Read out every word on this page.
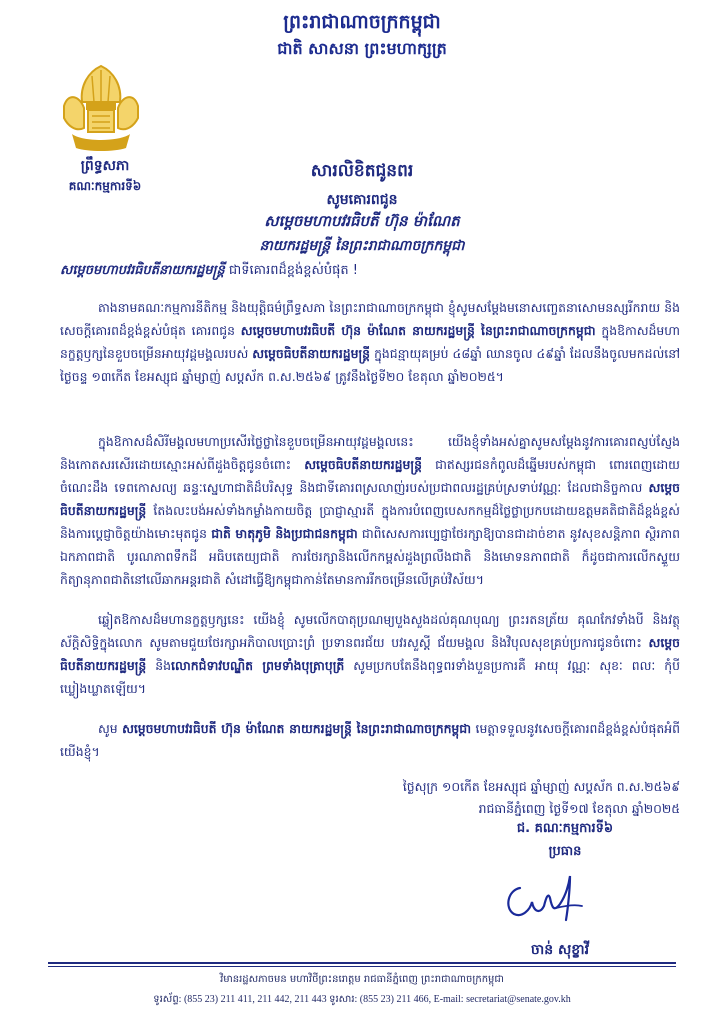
ព្រះរាជាណាចក្រកម្ពុជា
ជាតិ សាសនា ព្រះមហាក្សត្រ
ព្រឹទ្ធសភា
គណៈកម្មការទី៦
សារលិខិតជូនពរ
សូមគោរពជូន
សម្តេចមហាបវរធិបតី ហ៊ុន ម៉ាណែត
នាយករដ្ឋមន្ត្រី នៃព្រះរាជាណាចក្រកម្ពុជា
សម្តេចមហាបវរធិបតីនាយករដ្ឋមន្ត្រី ជាទីគោរពដ៏ខ្ពង់ខ្ពស់បំផុត !
តាងនាមគណៈកម្មការនីតិកម្ម និងយុត្តិធម៌ព្រឹទ្ធសភា នៃព្រះរាជាណាចក្រកម្ពុជា ខ្ញុំសូមសម្តែងមនោសញ្ចេតនាសោមនស្សរីករាយ និងសេចក្តីគោរពដ៏ខ្ពង់ខ្ពស់បំផុត គោរពជូន សម្តេចមហាបវរធិបតី ហ៊ុន ម៉ាណែត នាយករដ្ឋមន្ត្រី នៃព្រះរាជាណាចក្រកម្ពុជា ក្នុងឱកាសដ៏មហានក្ខត្តឫក្សនៃខួបចម្រើនអាយុវដ្តមង្គលរបស់ សម្តេចធិបតីនាយករដ្ឋមន្ត្រី ក្នុងជន្មាយុគម្រប់ ៤៨ឆ្នាំ ឈានចូល ៤៩ឆ្នាំ ដែលនឹងចូលមកដល់នៅថ្ងៃចន្ទ ១៣កើត ខែអស្សុជ ឆ្នាំម្សាញ់ សប្តស័ក ព.ស.២៥៦៩ ត្រូវនឹងថ្ងៃទី២០ ខែតុលា ឆ្នាំ២០២៥។
ក្នុងឱកាសដ៏សិរីមង្គលមហាប្រសើរថ្លៃថ្លានៃខួបចម្រើនអាយុវដ្តមង្គលនេះ យើងខ្ញុំទាំងអស់គ្នាសូមសម្តែងនូវការគោរពស្ញប់ស្ញែង និងកោតសរសើរដោយស្មោះអស់ពីដួងចិត្តជូនចំពោះ សម្តេចធិបតីនាយករដ្ឋមន្ត្រី ជាឥស្សរជនកំពូលដ៏ឆ្នើមរបស់កម្ពុជា ពោរពេញដោយចំណេះដឹង ទេពកោសល្យ ឆន្ទៈស្នេហាជាតិដ៏បរិសុទ្ធ និងជាទីគោរពស្រលាញ់របស់ប្រជាពលរដ្ឋគ្រប់ស្រទាប់វណ្ណៈ ដែលជានិច្ចកាល សម្តេចធិបតីនាយករដ្ឋមន្ត្រី តែងលះបង់អស់ទាំងកម្លាំងកាយចិត្ត ប្រាជ្ញាស្មារតី ក្នុងការបំពេញបេសកកម្មដ៏ថ្លៃថ្លាប្រកបដោយឧត្តមគតិជាតិដ៏ខ្ពង់ខ្ពស់ និងការប្តេជ្ញាចិត្តយ៉ាងមោះមុតជូន ជាតិ មាតុភូមិ និងប្រជាជនកម្ពុជា ជាពិសេសការប្បេជ្ញាថែរក្សាឱ្យបានជាដាច់ខាត នូវសុខសន្តិភាព ស្ថិរភាព ឯកភាពជាតិ បូរណភាពទឹកដី អធិបតេយ្យជាតិ ការថែរក្សានិងលើកកម្ពស់ដួងព្រលឹងជាតិ និងមោទនភាពជាតិ ក៏ដូចជាការលើកស្ទួយកិត្យានុភាពជាតិនៅលើឆាកអន្តរជាតិ សំដៅធ្វើឱ្យកម្ពុជាកាន់តែមានការរីកចម្រើនលើគ្រប់វិស័យ។
ឆ្លៀតឱកាសដ៏មហានក្ខត្តឫក្សនេះ យើងខ្ញុំ សូមលើកបាតុប្រណម្យបួងសួងដល់គុណបុណ្យ ព្រះរតនត្រ័យ គុណកែវទាំងបី និងវត្ថុស័ក្តិសិទ្ធិក្នុងលោក សូមតាមជួយថែរក្សាអភិបាលប្រោះព្រំ ប្រទានពរជ័យ បវរសួស្តី ជ័យមង្គល និងវិបុលសុខគ្រប់ប្រការជូនចំពោះ សម្តេចធិបតីនាយករដ្ឋមន្ត្រី និងលោកជំទាវបណ្ឌិត ព្រមទាំងបុត្រាបុត្រី សូមប្រកបតែនឹងពុទ្ធពរទាំងបួនប្រការគឺ អាយុ វណ្ណៈ សុខៈ ពលៈ កុំបីឃ្លៀងឃ្លាតឡើយ។
សូម សម្តេចមហាបវរធិបតី ហ៊ុន ម៉ាណែត នាយករដ្ឋមន្ត្រី នៃព្រះរាជាណាចក្រកម្ពុជា មេត្តាទទួលនូវសេចក្តីគោរពដ៏ខ្ពង់ខ្ពស់បំផុតអំពីយើងខ្ញុំ។
ថ្ងៃសុក្រ ១០កើត ខែអស្សុជ ឆ្នាំម្សាញ់ សប្តស័ក ព.ស.២៥៦៩
រាជធានីភ្នំពេញ ថ្ងៃទី១៧ ខែតុលា ឆ្នាំ២០២៥
ជ. គណៈកម្មការទី៦
ប្រធាន
ចាន់ សុខ្ខាវី
វិមានរដ្ឋសភាចមន មហាវិថីព្រះនរោត្តម រាជធានីភ្នំពេញ ព្រះរាជាណាចក្រកម្ពុជា
ទូរស័ព្ទ: (855 23) 211 411, 211 442, 211 443 ទូរសារ: (855 23) 211 466, E-mail: secretariat@senate.gov.kh
